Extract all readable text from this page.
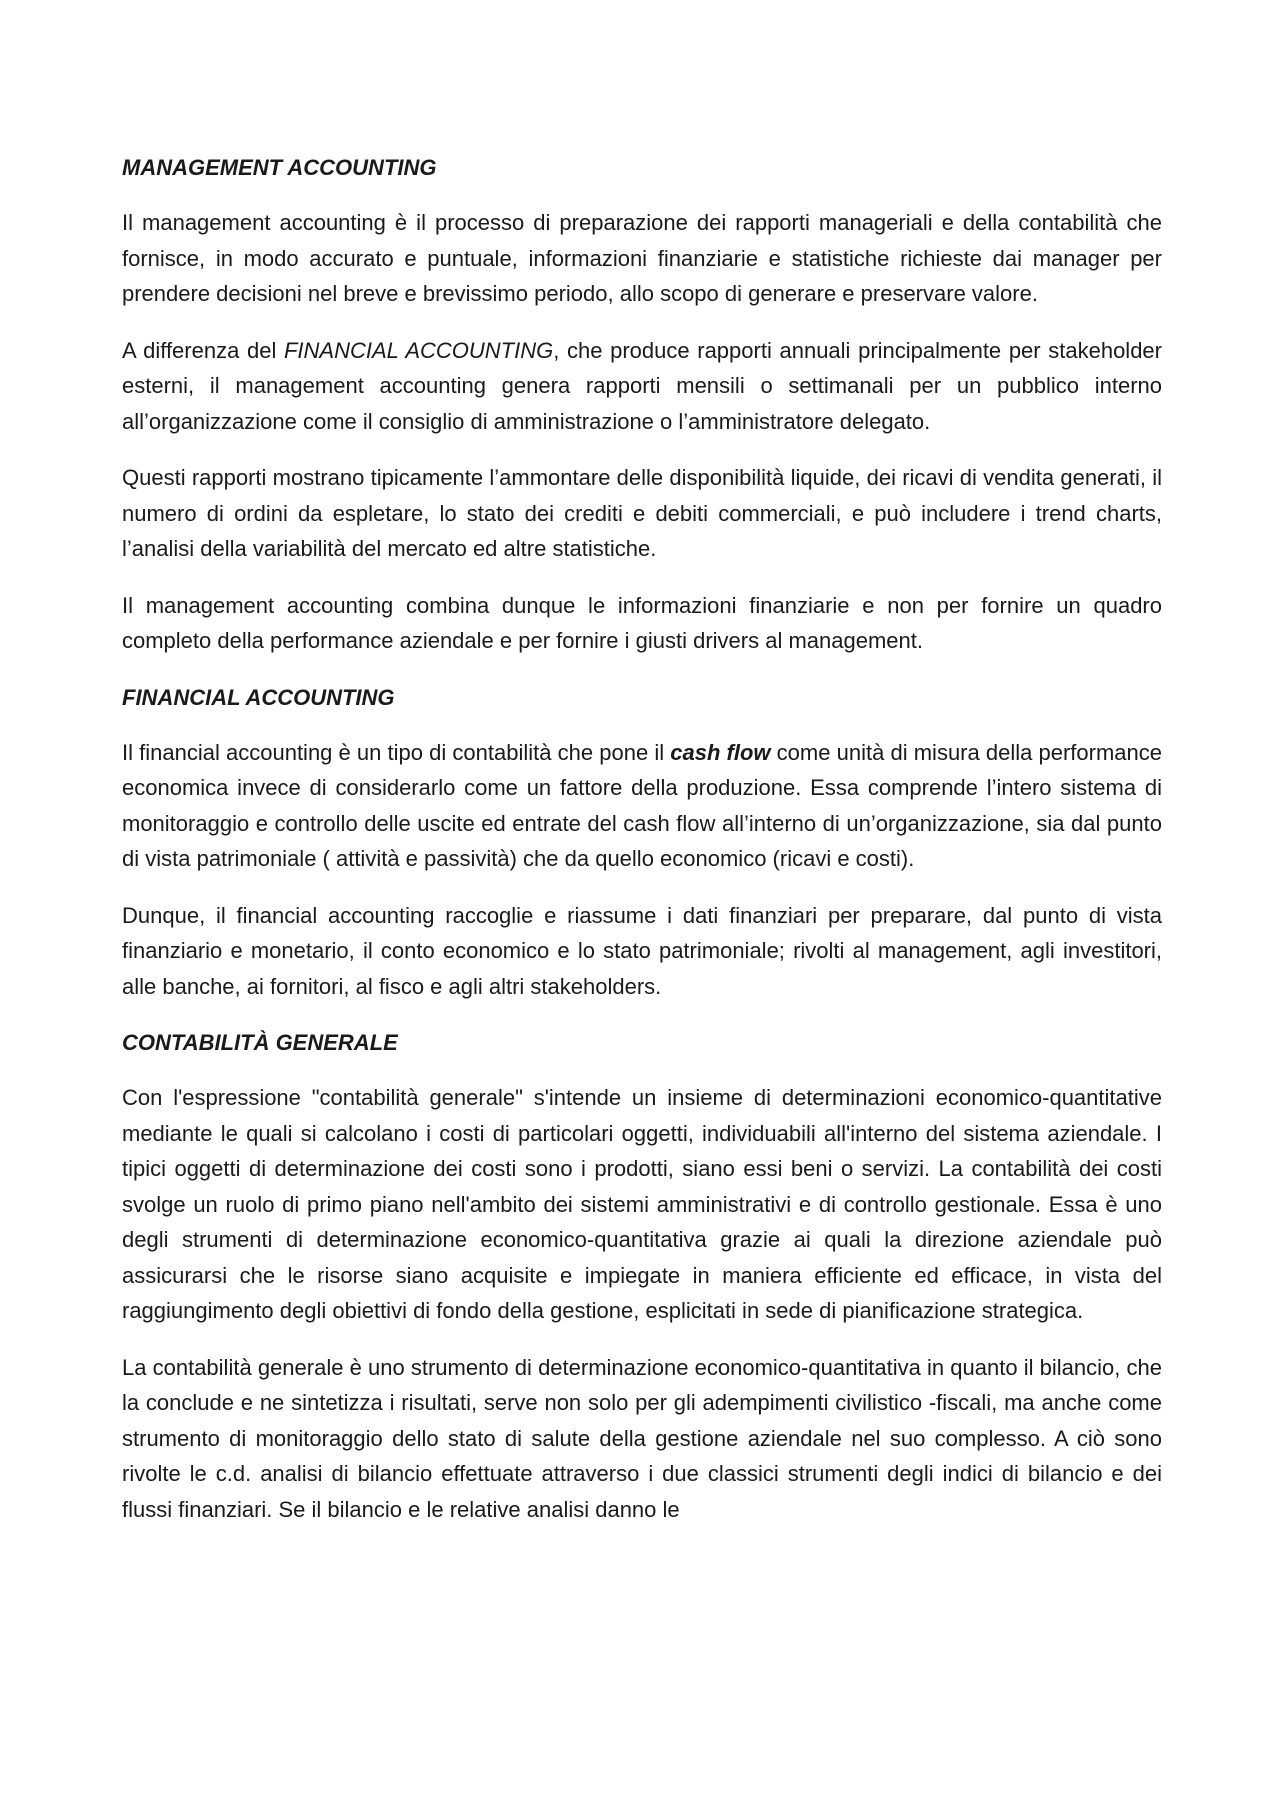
MANAGEMENT ACCOUNTING

Il management accounting è il processo di preparazione dei rapporti manageriali e della contabilità che fornisce, in modo accurato e puntuale, informazioni finanziarie e statistiche richieste dai manager per prendere decisioni nel breve e brevissimo periodo, allo scopo di generare e preservare valore.

A differenza del FINANCIAL ACCOUNTING, che produce rapporti annuali principalmente per stakeholder esterni, il management accounting genera rapporti mensili o settimanali per un pubblico interno all’organizzazione come il consiglio di amministrazione o l’amministratore delegato.

Questi rapporti mostrano tipicamente l’ammontare delle disponibilità liquide, dei ricavi di vendita generati, il numero di ordini da espletare, lo stato dei crediti e debiti commerciali, e può includere i trend charts, l’analisi della variabilità del mercato ed altre statistiche.

Il management accounting combina dunque le informazioni finanziarie e non per fornire un quadro completo della performance aziendale e per fornire i giusti drivers al management.

FINANCIAL ACCOUNTING

Il financial accounting è un tipo di contabilità che pone il cash flow come unità di misura della performance economica invece di considerarlo come un fattore della produzione. Essa comprende l’intero sistema di monitoraggio e controllo delle uscite ed entrate del cash flow all’interno di un’organizzazione, sia dal punto di vista patrimoniale ( attività e passività) che da quello economico (ricavi e costi).

Dunque, il financial accounting raccoglie e riassume i dati finanziari per preparare, dal punto di vista finanziario e monetario, il conto economico e lo stato patrimoniale; rivolti al management, agli investitori, alle banche, ai fornitori, al fisco e agli altri stakeholders.

CONTABILITÀ GENERALE

Con l'espressione "contabilità generale" s'intende un insieme di determinazioni economico-quantitative mediante le quali si calcolano i costi di particolari oggetti, individuabili all'interno del sistema aziendale. I tipici oggetti di determinazione dei costi sono i prodotti, siano essi beni o servizi. La contabilità dei costi svolge un ruolo di primo piano nell'ambito dei sistemi amministrativi e di controllo gestionale. Essa è uno degli strumenti di determinazione economico-quantitativa grazie ai quali la direzione aziendale può assicurarsi che le risorse siano acquisite e impiegate in maniera efficiente ed efficace, in vista del raggiungimento degli obiettivi di fondo della gestione, esplicitati in sede di pianificazione strategica.

La contabilità generale è uno strumento di determinazione economico-quantitativa in quanto il bilancio, che la conclude e ne sintetizza i risultati, serve non solo per gli adempimenti civilistico -fiscali, ma anche come strumento di monitoraggio dello stato di salute della gestione aziendale nel suo complesso. A ciò sono rivolte le c.d. analisi di bilancio effettuate attraverso i due classici strumenti degli indici di bilancio e dei flussi finanziari. Se il bilancio e le relative analisi danno le
